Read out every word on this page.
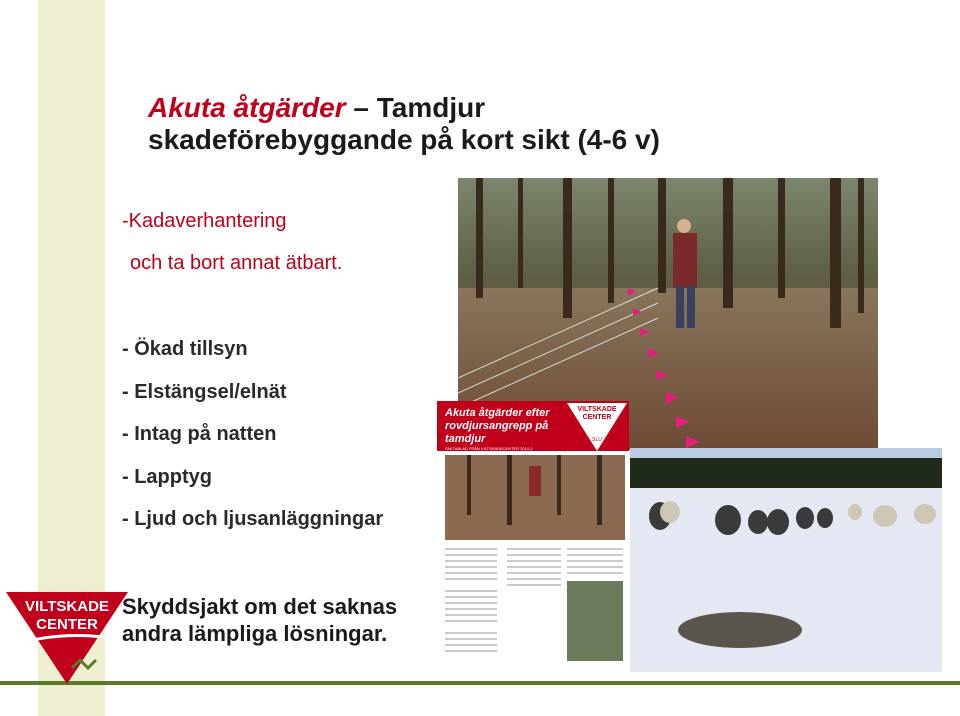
Akuta åtgärder – Tamdjur
skadeförebyggande på kort sikt (4-6 v)
-Kadaverhantering
och ta bort annat ätbart.
- Ökad tillsyn
- Elstängsel/elnät
- Intag på natten
- Lapptyg
- Ljud och ljusanläggningar
Skyddsjakt om det saknas
andra lämpliga lösningar.
Akuta åtgärder efter
rovdjursangrepp på
tamdjur
FAKTABLAD FRÅN VILTSKADECENTER 2010-2
VILTSKADE
CENTER
SLU
VILTSKADE
CENTER
